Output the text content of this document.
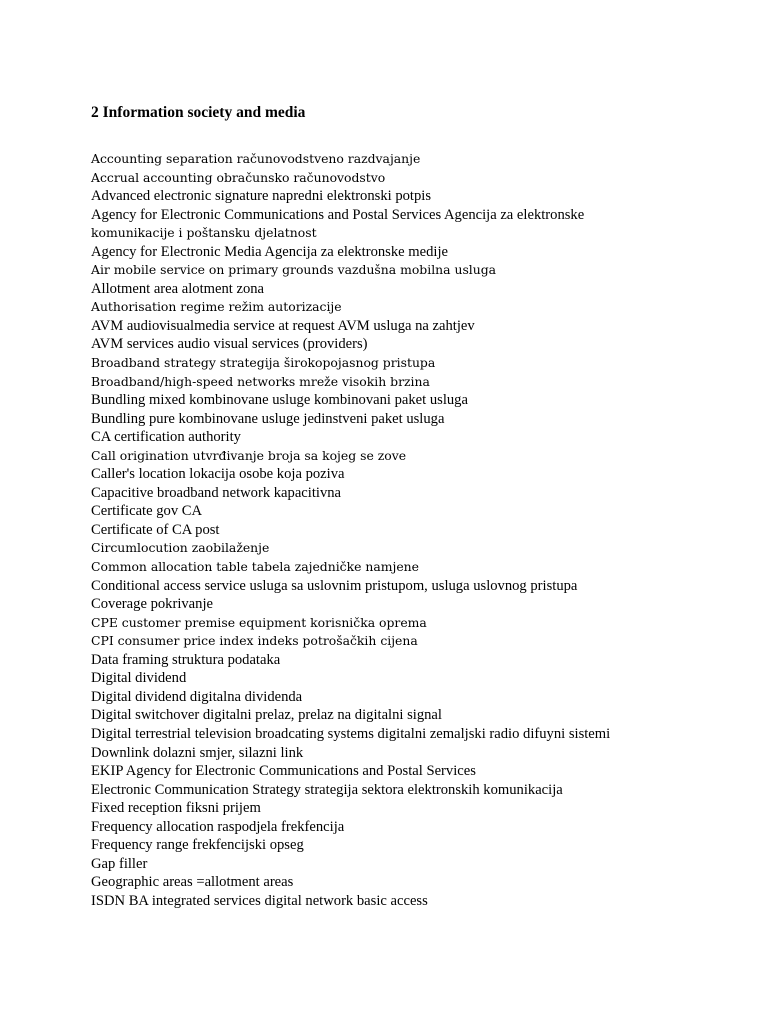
2 Information society and media
Accounting separation računovodstveno razdvajanje
Accrual accounting obračunsko računovodstvo
Advanced electronic signature napredni elektronski potpis
Agency for Electronic Communications and Postal Services Agencija za elektronske
komunikacije i poštansku djelatnost
Agency for Electronic Media Agencija za elektronske medije
Air mobile service on primary grounds vazdušna mobilna usluga
Allotment area alotment zona
Authorisation regime režim autorizacije
AVM audiovisualmedia service at request AVM usluga na zahtjev
AVM services audio visual services (providers)
Broadband strategy strategija širokopojasnog pristupa
Broadband/high-speed networks mreže visokih brzina
Bundling mixed kombinovane usluge kombinovani paket usluga
Bundling pure kombinovane usluge jedinstveni paket usluga
CA certification authority
Call origination utvrđivanje broja sa kojeg se zove
Caller's location lokacija osobe koja poziva
Capacitive broadband network kapacitivna
Certificate gov CA
Certificate of CA post
Circumlocution zaobilaženje
Common allocation table tabela zajedničke namjene
Conditional access service usluga sa uslovnim pristupom, usluga uslovnog pristupa
Coverage pokrivanje
CPE customer premise equipment korisnička oprema
CPI consumer price index indeks potrošačkih cijena
Data framing struktura podataka
Digital dividend
Digital dividend digitalna dividenda
Digital switchover digitalni prelaz, prelaz na digitalni signal
Digital terrestrial television broadcating systems digitalni zemaljski radio difuyni sistemi
Downlink dolazni smjer, silazni link
EKIP Agency for Electronic Communications and Postal Services
Electronic Communication Strategy strategija sektora elektronskih komunikacija
Fixed reception fiksni prijem
Frequency allocation raspodjela frekfencija
Frequency range frekfencijski opseg
Gap filler
Geographic areas =allotment areas
ISDN BA integrated services digital network basic access
